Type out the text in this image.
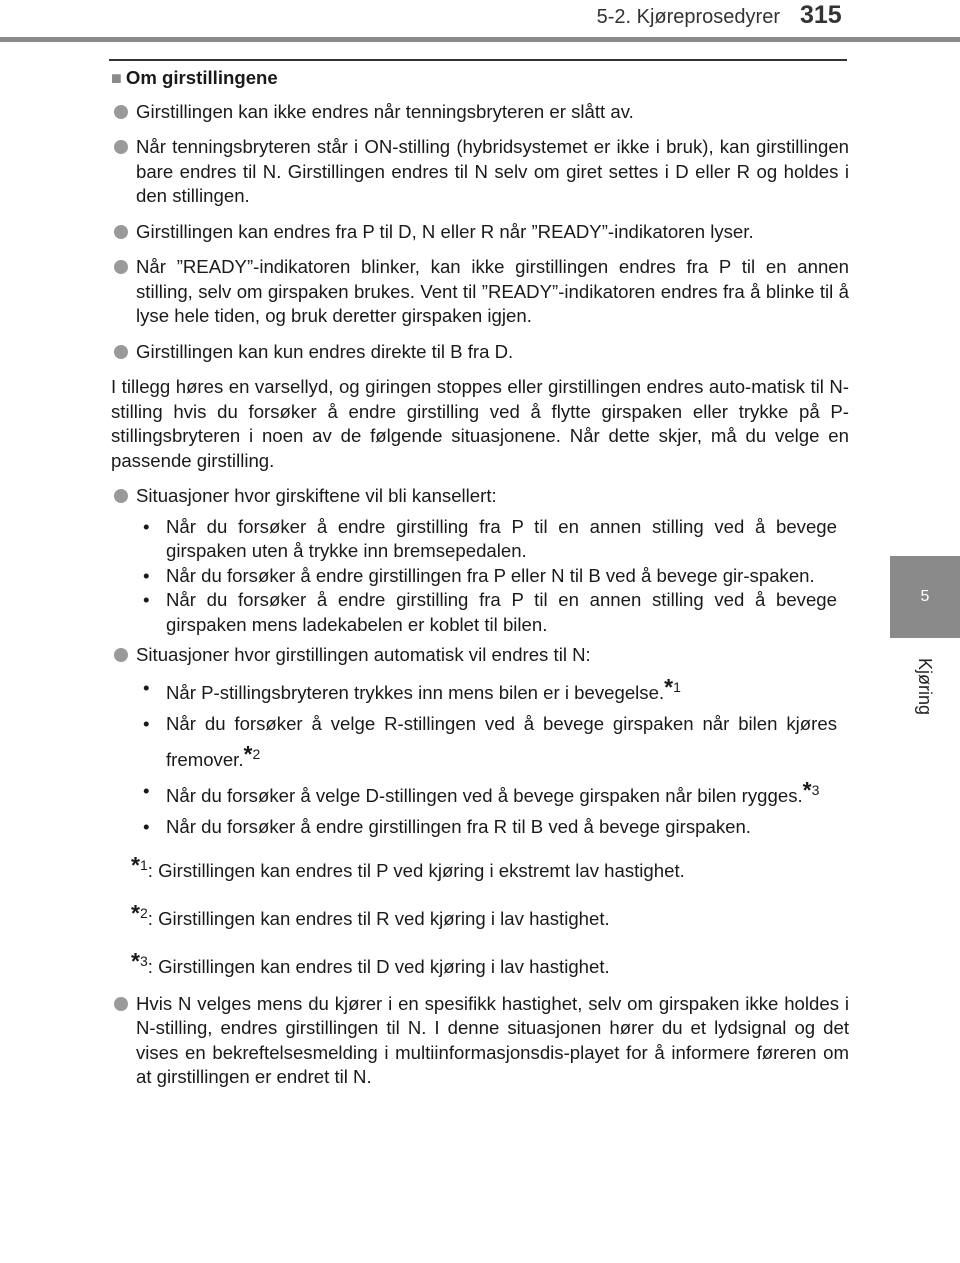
5-2. Kjøreprosedyrer 315
5
Kjøring

■ Om girstillingene

Girstillingen kan ikke endres når tenningsbryteren er slått av.

Når tenningsbryteren står i ON-stilling (hybridsystemet er ikke i bruk), kan girstillingen bare endres til N. Girstillingen endres til N selv om giret settes i D eller R og holdes i den stillingen.

Girstillingen kan endres fra P til D, N eller R når ”READY”-indikatoren lyser.

Når ”READY”-indikatoren blinker, kan ikke girstillingen endres fra P til en annen stilling, selv om girspaken brukes. Vent til ”READY”-indikatoren endres fra å blinke til å lyse hele tiden, og bruk deretter girspaken igjen.

Girstillingen kan kun endres direkte til B fra D.

I tillegg høres en varsellyd, og giringen stoppes eller girstillingen endres auto-matisk til N-stilling hvis du forsøker å endre girstilling ved å flytte girspaken eller trykke på P-stillingsbryteren i noen av de følgende situasjonene. Når dette skjer, må du velge en passende girstilling.

Situasjoner hvor girskiftene vil bli kansellert:

• Når du forsøker å endre girstilling fra P til en annen stilling ved å bevege girspaken uten å trykke inn bremsepedalen.
• Når du forsøker å endre girstillingen fra P eller N til B ved å bevege gir-spaken.
• Når du forsøker å endre girstilling fra P til en annen stilling ved å bevege girspaken mens ladekabelen er koblet til bilen.

Situasjoner hvor girstillingen automatisk vil endres til N:

• Når P-stillingsbryteren trykkes inn mens bilen er i bevegelse.*$^1$
• Når du forsøker å velge R-stillingen ved å bevege girspaken når bilen kjøres fremover.*$^2$
• Når du forsøker å velge D-stillingen ved å bevege girspaken når bilen rygges.*$^3$
• Når du forsøker å endre girstillingen fra R til B ved å bevege girspaken.

*$^1$: Girstillingen kan endres til P ved kjøring i ekstremt lav hastighet.

*$^2$: Girstillingen kan endres til R ved kjøring i lav hastighet.

*$^3$: Girstillingen kan endres til D ved kjøring i lav hastighet.

Hvis N velges mens du kjører i en spesifikk hastighet, selv om girspaken ikke holdes i N-stilling, endres girstillingen til N. I denne situasjonen hører du et lydsignal og det vises en bekreftelsesmelding i multiinformasjonsdis-playet for å informere føreren om at girstillingen er endret til N.
